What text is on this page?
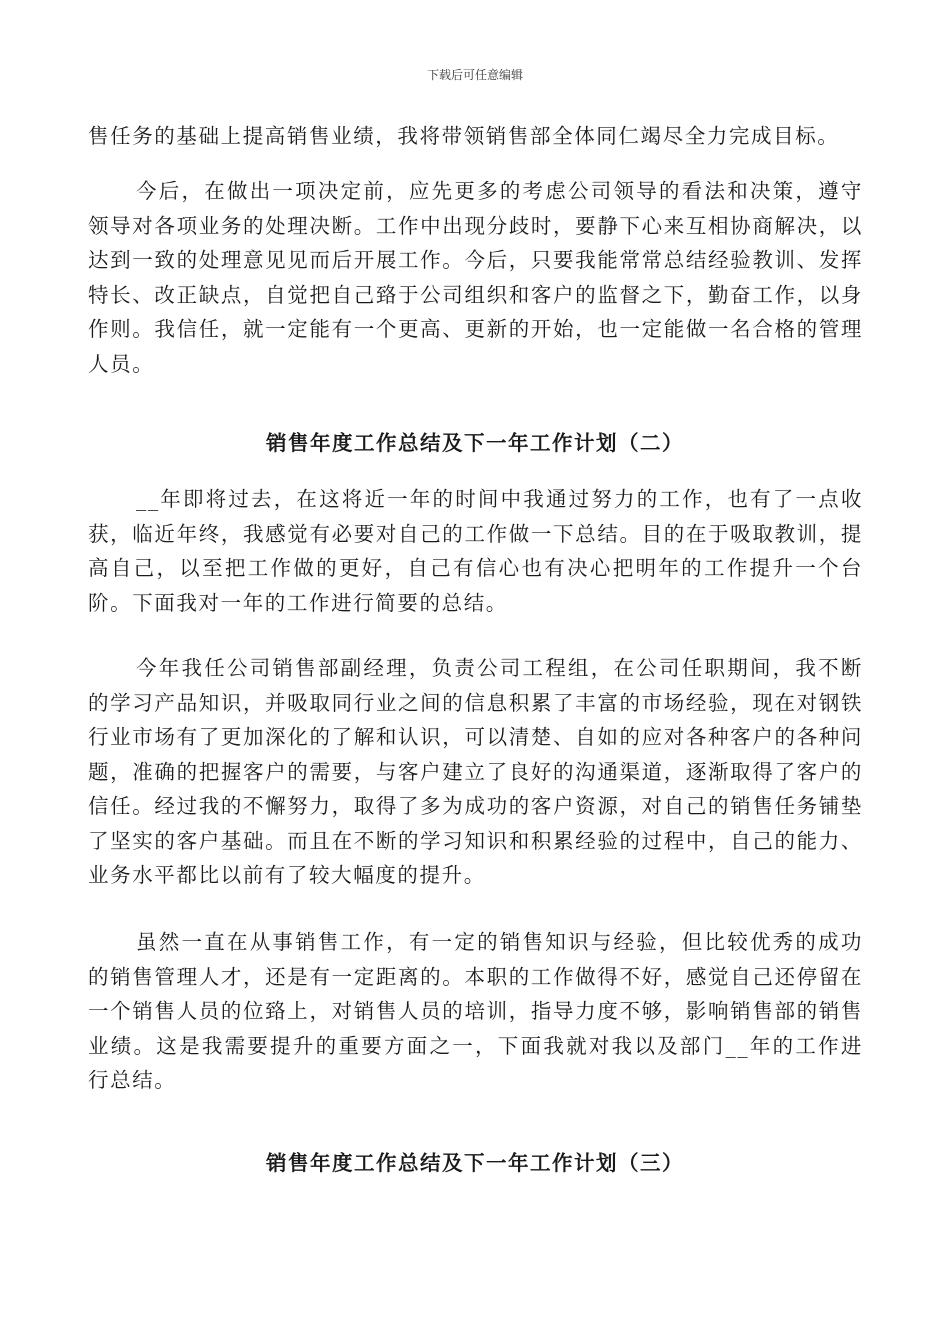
下载后可任意编辑

售任务的基础上提高销售业绩，我将带领销售部全体同仁竭尽全力完成目标。

今后，在做出一项决定前，应先更多的考虑公司领导的看法和决策，遵守领导对各项业务的处理决断。工作中出现分歧时，要静下心来互相协商解决，以达到一致的处理意见见而后开展工作。今后，只要我能常常总结经验教训、发挥特长、改正缺点，自觉把自己臵于公司组织和客户的监督之下，勤奋工作，以身作则。我信任，就一定能有一个更高、更新的开始，也一定能做一名合格的管理人员。

销售年度工作总结及下一年工作计划（二）

__年即将过去，在这将近一年的时间中我通过努力的工作，也有了一点收获，临近年终，我感觉有必要对自己的工作做一下总结。目的在于吸取教训，提高自己，以至把工作做的更好，自己有信心也有决心把明年的工作提升一个台阶。下面我对一年的工作进行简要的总结。

今年我任公司销售部副经理，负责公司工程组，在公司任职期间，我不断的学习产品知识，并吸取同行业之间的信息积累了丰富的市场经验，现在对钢铁行业市场有了更加深化的了解和认识，可以清楚、自如的应对各种客户的各种问题，准确的把握客户的需要，与客户建立了良好的沟通渠道，逐渐取得了客户的信任。经过我的不懈努力，取得了多为成功的客户资源，对自己的销售任务铺垫了坚实的客户基础。而且在不断的学习知识和积累经验的过程中，自己的能力、业务水平都比以前有了较大幅度的提升。

虽然一直在从事销售工作，有一定的销售知识与经验，但比较优秀的成功的销售管理人才，还是有一定距离的。本职的工作做得不好，感觉自己还停留在一个销售人员的位臵上，对销售人员的培训，指导力度不够，影响销售部的销售业绩。这是我需要提升的重要方面之一，下面我就对我以及部门__年的工作进行总结。

销售年度工作总结及下一年工作计划（三）
